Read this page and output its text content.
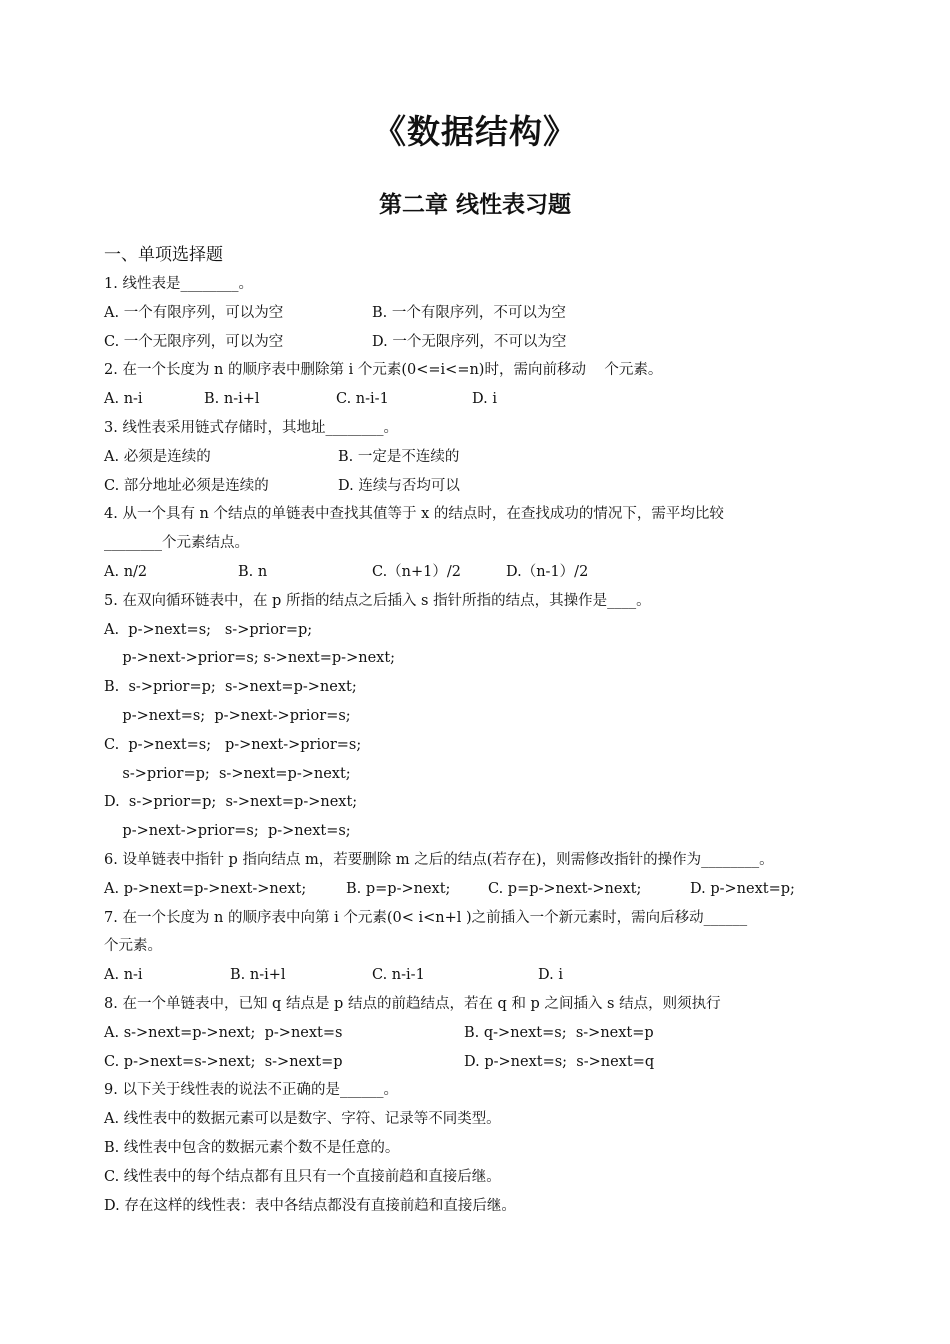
《数据结构》
第二章 线性表习题
一、单项选择题
1. 线性表是________。
A. 一个有限序列，可以为空	B. 一个有限序列，不可以为空
C. 一个无限序列，可以为空	D. 一个无限序列，不可以为空
2. 在一个长度为 n 的顺序表中删除第 i 个元素(0<=i<=n)时，需向前移动    个元素。
A. n-i	B. n-i+l	C. n-i-1	D. i
3. 线性表采用链式存储时，其地址________。
A. 必须是连续的	B. 一定是不连续的
C. 部分地址必须是连续的	D. 连续与否均可以
4. 从一个具有 n 个结点的单链表中查找其值等于 x 的结点时，在查找成功的情况下，需平均比较
________个元素结点。
A. n/2	B. n	C.（n+1）/2	D.（n-1）/2
5. 在双向循环链表中，在 p 所指的结点之后插入 s 指针所指的结点，其操作是____。
A.  p->next=s;   s->prior=p;
p->next->prior=s; s->next=p->next;
B.  s->prior=p;  s->next=p->next;
p->next=s;  p->next->prior=s;
C.  p->next=s;   p->next->prior=s;
s->prior=p;  s->next=p->next;
D.  s->prior=p;  s->next=p->next;
p->next->prior=s;  p->next=s;
6. 设单链表中指针 p 指向结点 m，若要删除 m 之后的结点(若存在)，则需修改指针的操作为________。
A. p->next=p->next->next;	B. p=p->next;	C. p=p->next->next;	D. p->next=p;
7. 在一个长度为 n 的顺序表中向第 i 个元素(0< i<n+l )之前插入一个新元素时，需向后移动______
个元素。
A. n-i	B. n-i+l	C. n-i-1	D. i
8. 在一个单链表中，已知 q 结点是 p 结点的前趋结点，若在 q 和 p 之间插入 s 结点，则须执行
A. s->next=p->next;  p->next=s	B. q->next=s;  s->next=p
C. p->next=s->next;  s->next=p	D. p->next=s;  s->next=q
9. 以下关于线性表的说法不正确的是______。
A. 线性表中的数据元素可以是数字、字符、记录等不同类型。
B. 线性表中包含的数据元素个数不是任意的。
C. 线性表中的每个结点都有且只有一个直接前趋和直接后继。
D. 存在这样的线性表：表中各结点都没有直接前趋和直接后继。
